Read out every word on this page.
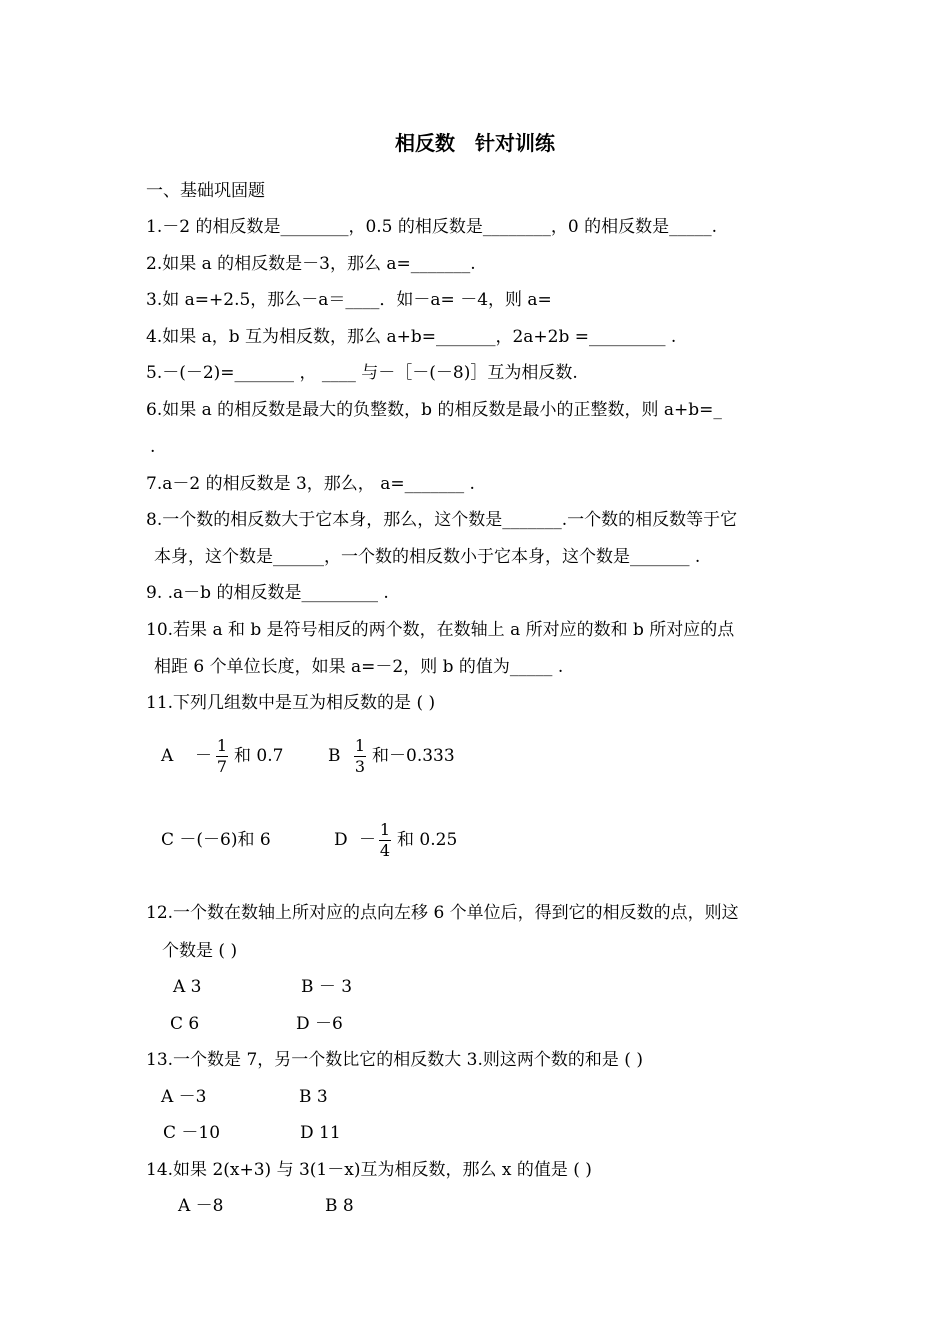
相反数　针对训练
一、基础巩固题
1.－2 的相反数是________，0.5 的相反数是________，0 的相反数是_____.
2.如果 a 的相反数是－3，那么 a=_______.
3.如 a=+2.5，那么－a＝____．如－a= －4，则 a=
4.如果 a，b 互为相反数，那么 a+b=_______，2a+2b =_________ .
5.－(－2)=_______ ， ____ 与－［－(－8)］互为相反数.
6.如果 a 的相反数是最大的负整数，b 的相反数是最小的正整数，则 a+b=_
.
7.a－2 的相反数是 3，那么， a=_______ .
8.一个数的相反数大于它本身，那么，这个数是_______.一个数的相反数等于它
本身，这个数是______，一个数的相反数小于它本身，这个数是_______ .
9. .a－b 的相反数是_________ .
10.若果 a 和 b 是符号相反的两个数，在数轴上 a 所对应的数和 b 所对应的点
相距 6 个单位长度，如果 a=－2，则 b 的值为_____ .
11.下列几组数中是互为相反数的是 ( )
A －
1
7
和 0.7	B
1
3
和－0.333
C －(－6)和 6	D －
1
4
和 0.25
12.一个数在数轴上所对应的点向左移 6 个单位后，得到它的相反数的点，则这
个数是 ( )
A 3	B － 3
C 6	D －6
13.一个数是 7，另一个数比它的相反数大 3.则这两个数的和是 ( )
A －3	B 3
C －10	D 11
14.如果 2(x+3) 与 3(1－x)互为相反数，那么 x 的值是 ( )
A －8	B 8
